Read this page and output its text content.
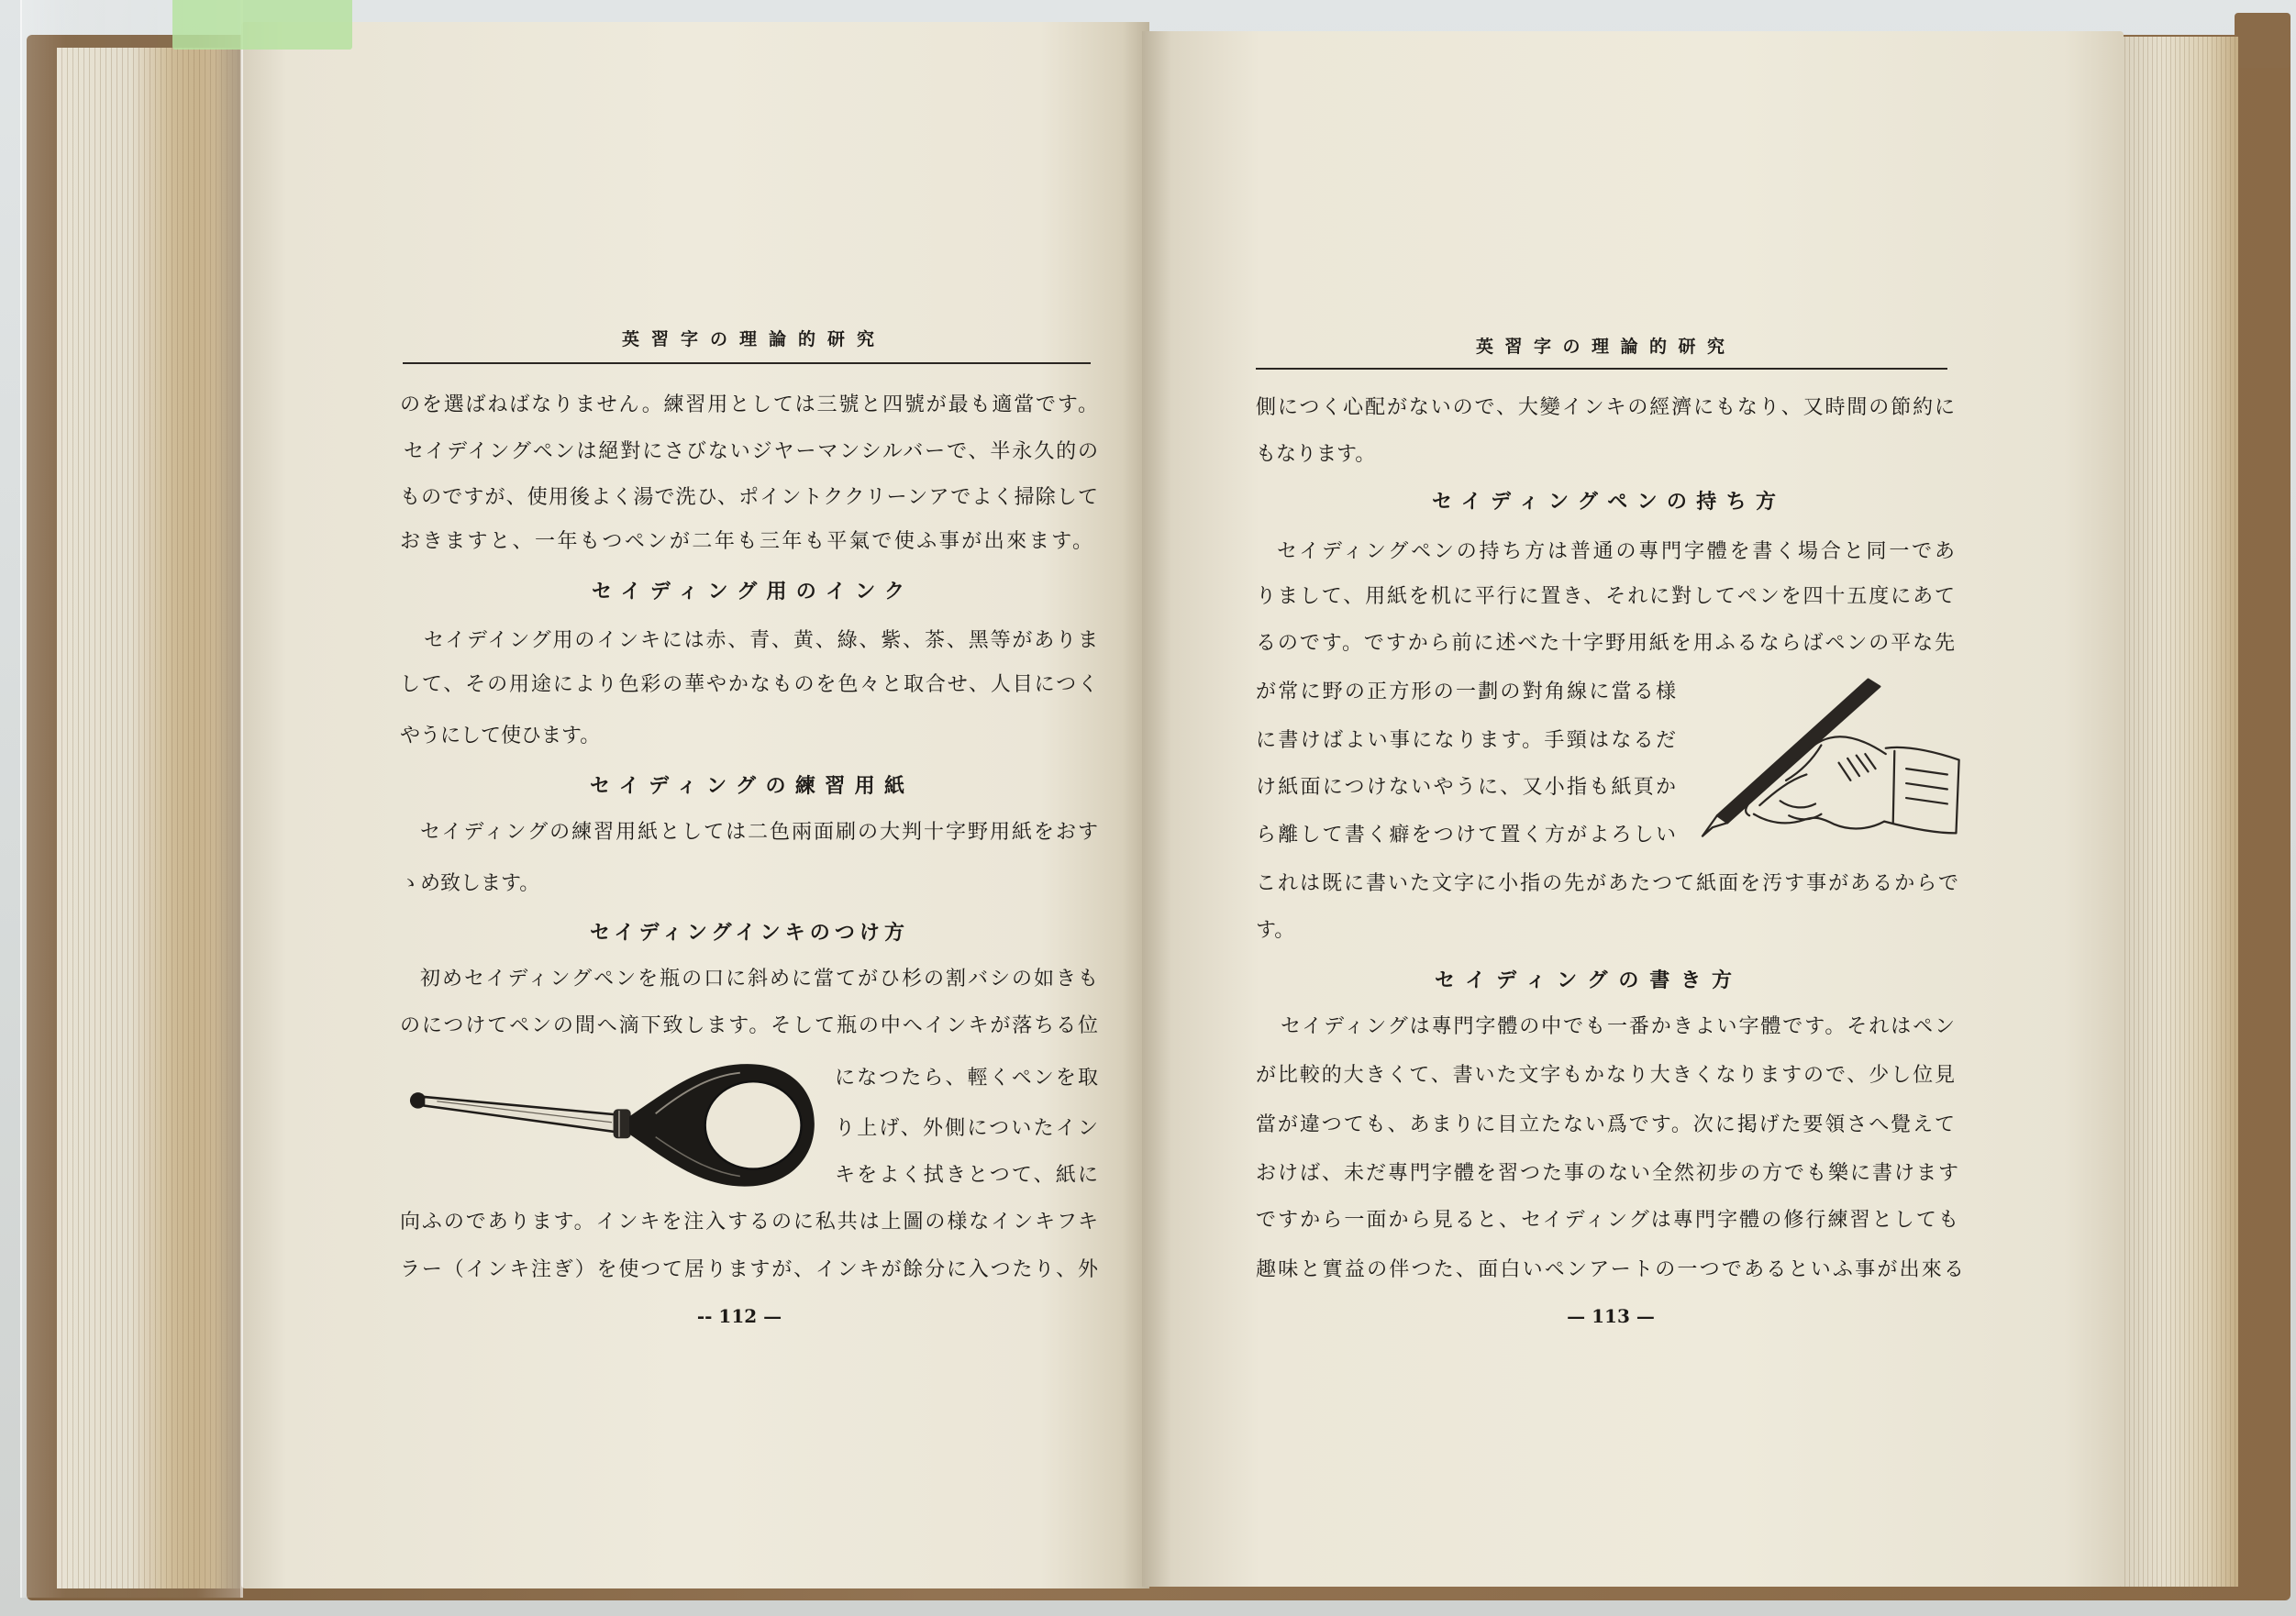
英習字の理論的研究
のを選ばねばなりません。練習用としては三號と四號が最も適當です。
セイデイングペンは絕對にさびないジヤーマンシルバーで、半永久的の
ものですが、使用後よく湯で洗ひ、ポイントククリーンアでよく掃除して
おきますと、一年もつペンが二年も三年も平氣で使ふ事が出來ます。
セイディング用のインク
セイデイング用のインキには赤、青、黄、綠、紫、茶、黑等がありま
して、その用途により色彩の華やかなものを色々と取合せ、人目につく
やうにして使ひます。
セイディングの練習用紙
セイディングの練習用紙としては二色兩面刷の大判十字野用紙をおす
ゝめ致します。
セイディングインキのつけ方
初めセイディングペンを瓶の口に斜めに當てがひ杉の割バシの如きも
のにつけてペンの間へ滴下致します。そして瓶の中へインキが落ちる位
になつたら、輕くペンを取
り上げ、外側についたイン
キをよく拭きとつて、紙に
向ふのであります。インキを注入するのに私共は上圖の様なインキフキ
ラー（インキ注ぎ）を使つて居りますが、インキが餘分に入つたり、外
-- 112 —
英習字の理論的研究
側につく心配がないので、大變インキの經濟にもなり、又時間の節約に
もなります。
セイディングペンの持ち方
セイディングペンの持ち方は普通の專門字體を書く場合と同一であ
りまして、用紙を机に平行に置き、それに對してペンを四十五度にあて
るのです。ですから前に述べた十字野用紙を用ふるならばペンの平な先
が常に野の正方形の一劃の對角線に當る様
に書けばよい事になります。手頸はなるだ
け紙面につけないやうに、又小指も紙頁か
ら離して書く癖をつけて置く方がよろしい
これは既に書いた文字に小指の先があたつて紙面を汚す事があるからで
す。
セイディングの書き方
セイディングは專門字體の中でも一番かきよい字體です。それはペン
が比較的大きくて、書いた文字もかなり大きくなりますので、少し位見
當が違つても、あまりに目立たない爲です。次に掲げた要領さへ覺えて
おけば、未だ專門字體を習つた事のない全然初步の方でも樂に書けます
ですから一面から見ると、セイディングは專門字體の修行練習としても
趣味と實益の伴つた、面白いペンアートの一つであるといふ事が出來る
— 113 —
